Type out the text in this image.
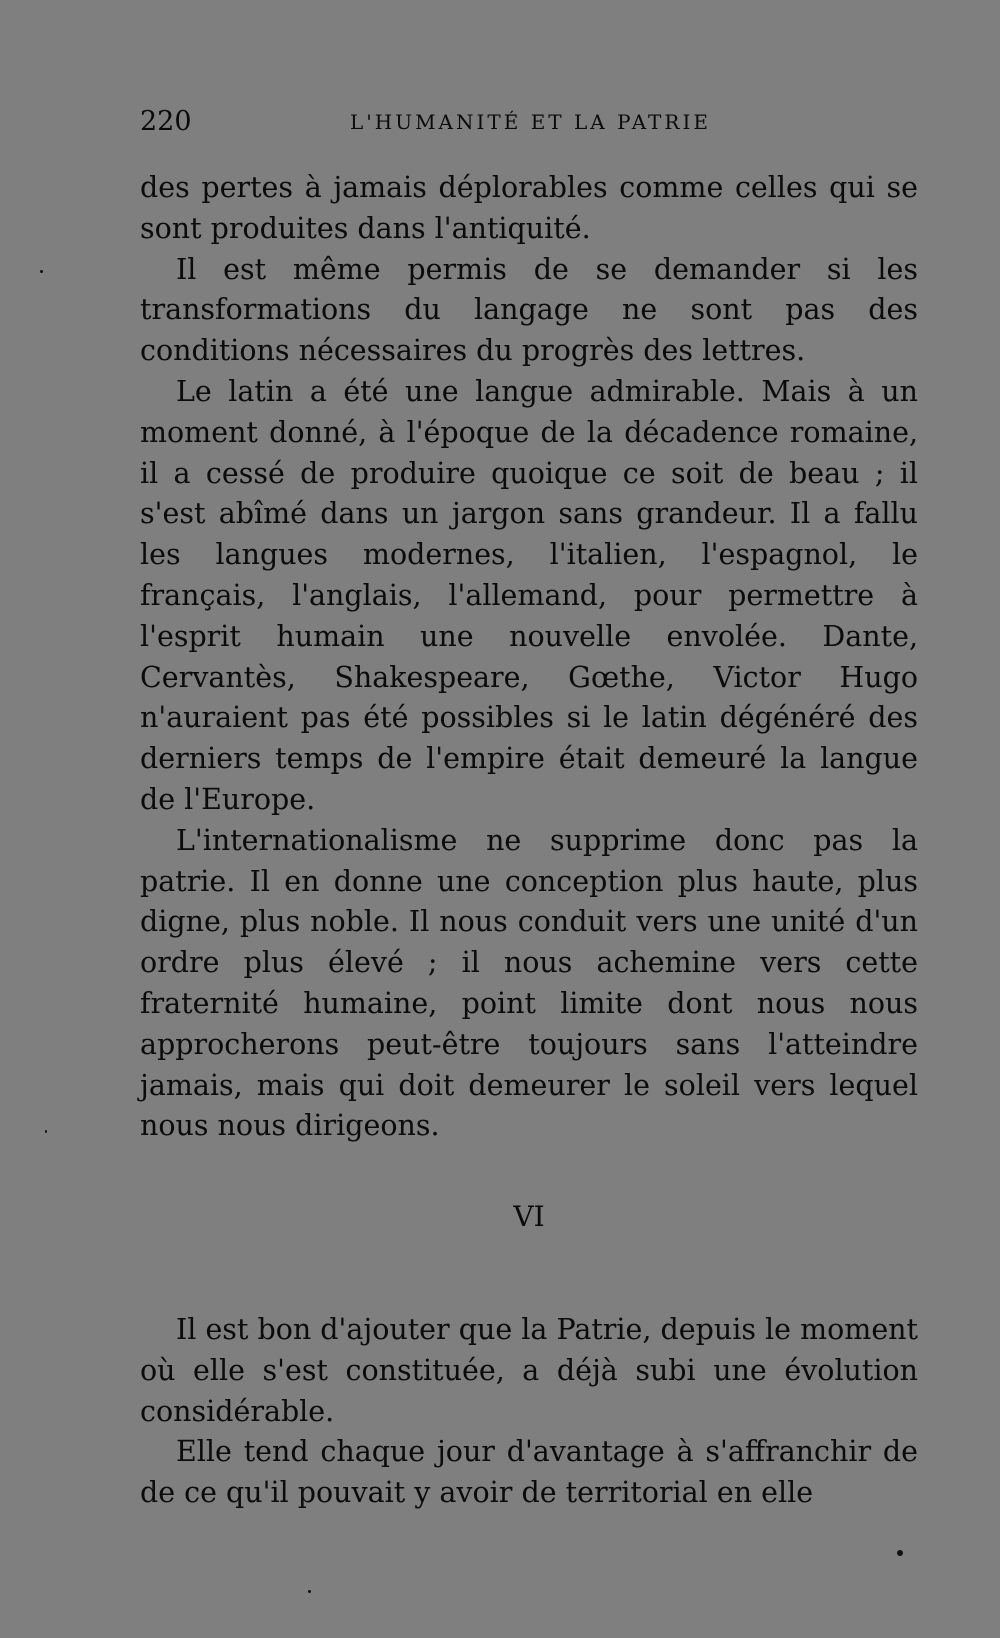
220	L'HUMANITÉ ET LA PATRIE

des pertes à jamais déplorables comme celles qui se sont produites dans l'antiquité.

Il est même permis de se demander si les transformations du langage ne sont pas des conditions nécessaires du progrès des lettres.

Le latin a été une langue admirable. Mais à un moment donné, à l'époque de la décadence romaine, il a cessé de produire quoique ce soit de beau ; il s'est abîmé dans un jargon sans grandeur. Il a fallu les langues modernes, l'italien, l'espagnol, le français, l'anglais, l'allemand, pour permettre à l'esprit humain une nouvelle envolée. Dante, Cervantès, Shakespeare, Gœthe, Victor Hugo n'auraient pas été possibles si le latin dégénéré des derniers temps de l'empire était demeuré la langue de l'Europe.

L'internationalisme ne supprime donc pas la patrie. Il en donne une conception plus haute, plus digne, plus noble. Il nous conduit vers une unité d'un ordre plus élevé ; il nous achemine vers cette fraternité humaine, point limite dont nous nous approcherons peut-être toujours sans l'atteindre jamais, mais qui doit demeurer le soleil vers lequel nous nous dirigeons.

VI

Il est bon d'ajouter que la Patrie, depuis le moment où elle s'est constituée, a déjà subi une évolution considérable.

Elle tend chaque jour d'avantage à s'affranchir de de ce qu'il pouvait y avoir de territorial en elle
